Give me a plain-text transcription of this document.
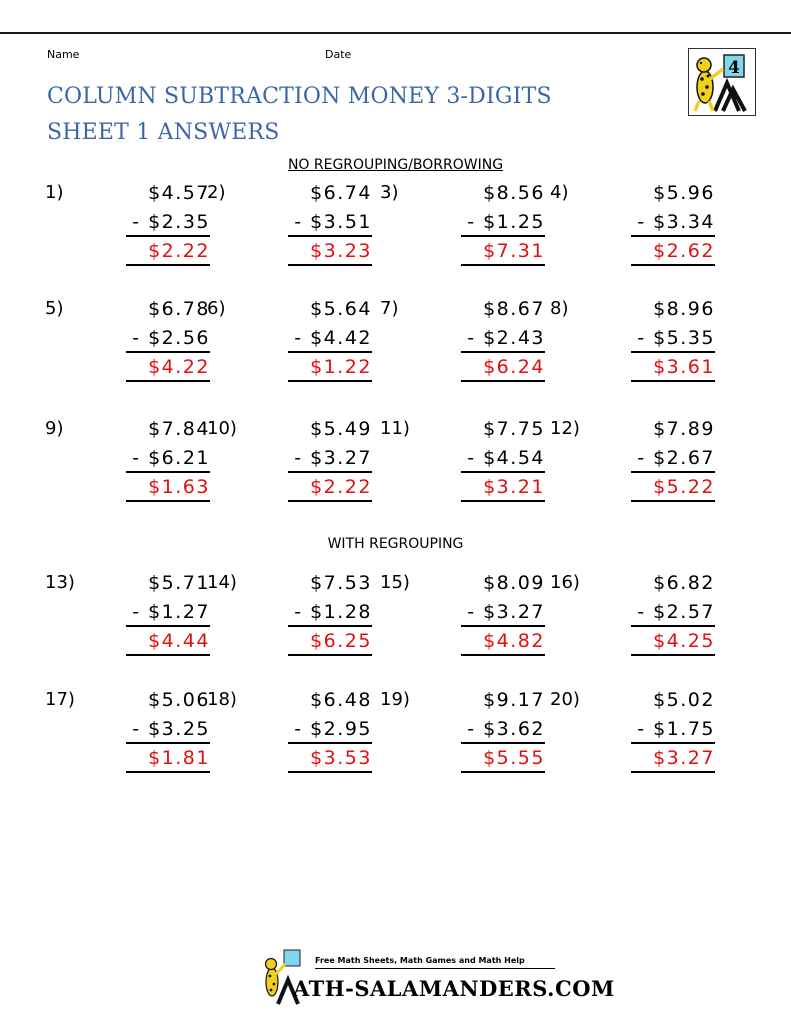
Name	Date
COLUMN SUBTRACTION MONEY 3-DIGITS
SHEET 1 ANSWERS
4
NO REGROUPING/BORROWING
WITH REGROUPING
1)	$4.57
- $2.35
$2.22
2)	$6.74
- $3.51
$3.23
3)	$8.56
- $1.25
$7.31
4)	$5.96
- $3.34
$2.62
5)	$6.78
- $2.56
$4.22
6)	$5.64
- $4.42
$1.22
7)	$8.67
- $2.43
$6.24
8)	$8.96
- $5.35
$3.61
9)	$7.84
- $6.21
$1.63
10)	$5.49
- $3.27
$2.22
11)	$7.75
- $4.54
$3.21
12)	$7.89
- $2.67
$5.22
13)	$5.71
- $1.27
$4.44
14)	$7.53
- $1.28
$6.25
15)	$8.09
- $3.27
$4.82
16)	$6.82
- $2.57
$4.25
17)	$5.06
- $3.25
$1.81
18)	$6.48
- $2.95
$3.53
19)	$9.17
- $3.62
$5.55
20)	$5.02
- $1.75
$3.27
Free Math Sheets, Math Games and Math Help
ATH-SALAMANDERS.COM
